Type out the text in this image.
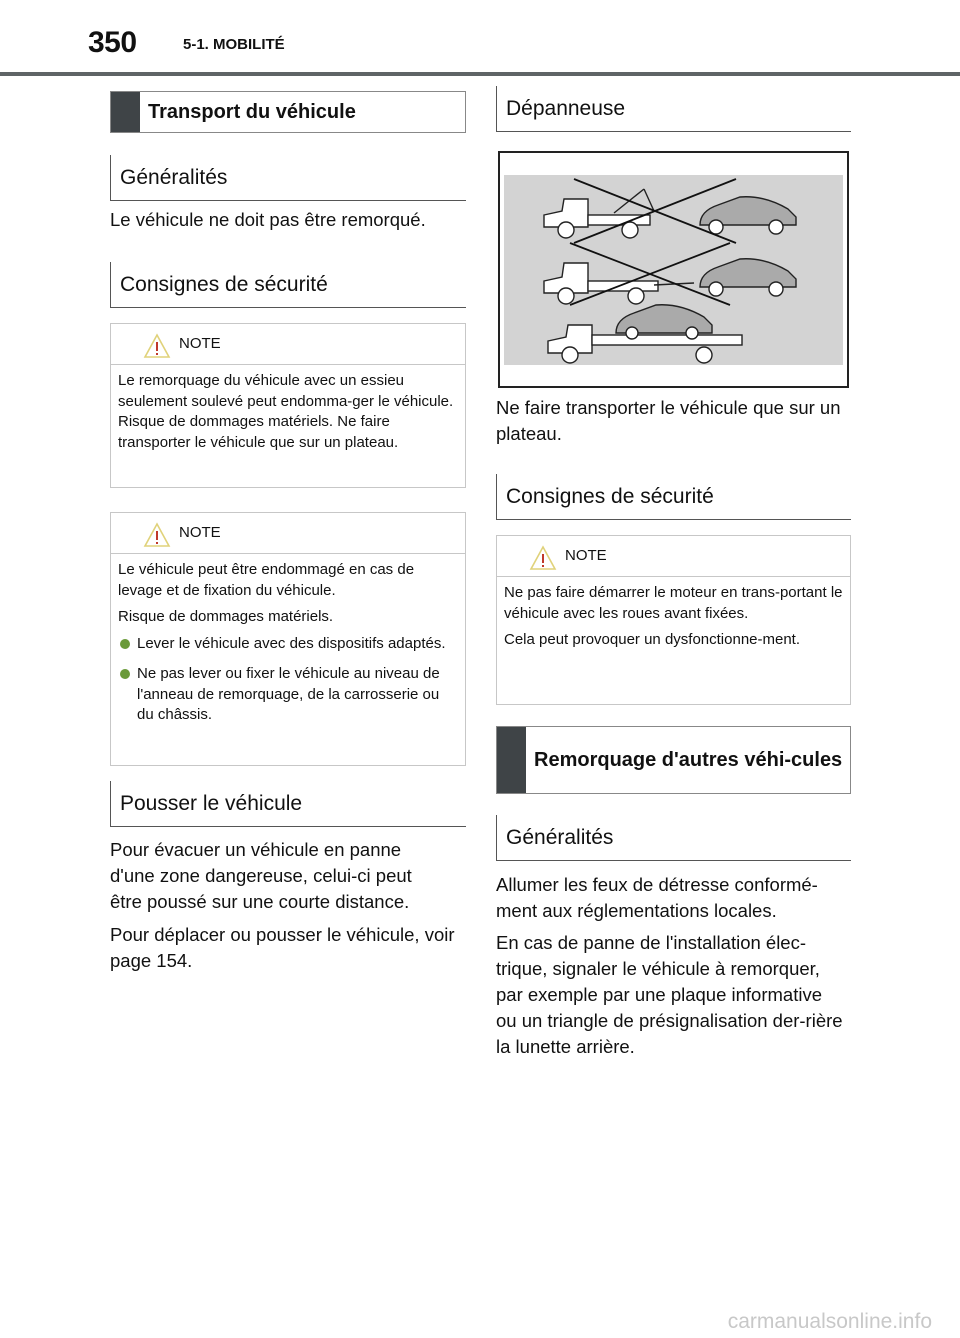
350	5-1. MOBILITÉ
Transport du véhicule
Généralités

Le véhicule ne doit pas être remorqué.

Consignes de sécurité
NOTE

Le remorquage du véhicule avec un essieu seulement soulevé peut endomma-ger le véhicule. Risque de dommages matériels. Ne faire transporter le véhicule que sur un plateau.

NOTE

Le véhicule peut être endommagé en cas de levage et de fixation du véhicule.

Risque de dommages matériels.

Lever le véhicule avec des dispositifs adaptés.
Ne pas lever ou fixer le véhicule au niveau de l'anneau de remorquage, de la carrosserie ou du châssis.
Pousser le véhicule

Pour évacuer un véhicule en panne d'une zone dangereuse, celui-ci peut être poussé sur une courte distance.

Pour déplacer ou pousser le véhicule, voir page 154.

Dépanneuse

Ne faire transporter le véhicule que sur un plateau.

Consignes de sécurité
NOTE

Ne pas faire démarrer le moteur en trans-portant le véhicule avec les roues avant fixées.

Cela peut provoquer un dysfonctionne-ment.

Remorquage d'autres véhi-cules
Généralités

Allumer les feux de détresse conformé-ment aux réglementations locales.

En cas de panne de l'installation élec-trique, signaler le véhicule à remorquer, par exemple par une plaque informative ou un triangle de présignalisation der-rière la lunette arrière.

carmanualsonline.info
